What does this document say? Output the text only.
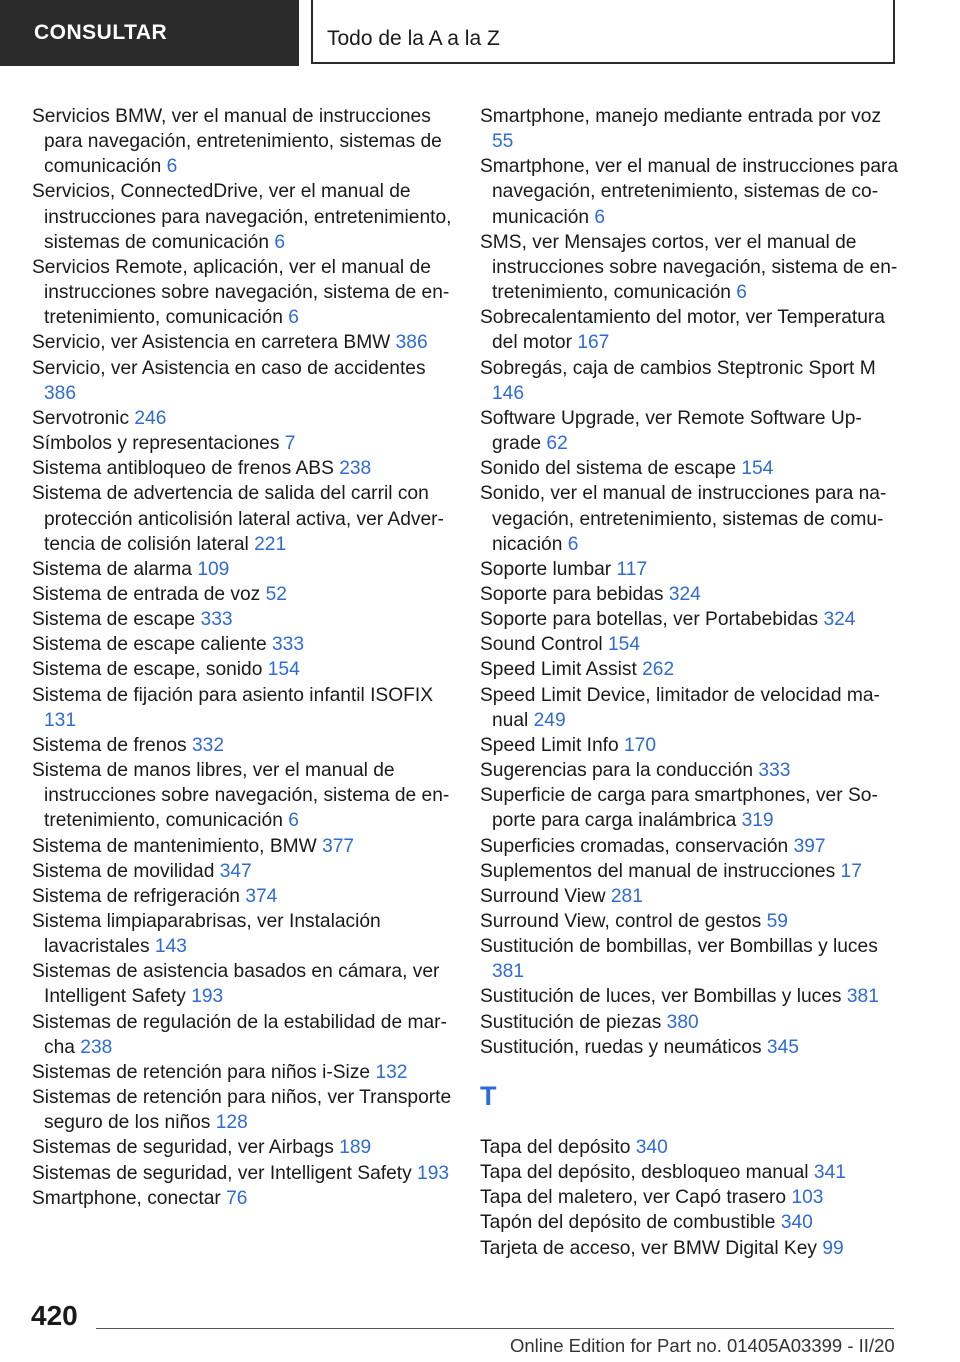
CONSULTAR	Todo de la A a la Z

Servicios BMW, ver el manual de instrucciones para navegación, entretenimiento, sistemas de comunicación 6

Servicios, ConnectedDrive, ver el manual de instrucciones para navegación, entretenimiento, sistemas de comunicación 6

Servicios Remote, aplicación, ver el manual de instrucciones sobre navegación, sistema de entretenimiento, comunicación 6

Servicio, ver Asistencia en carretera BMW 386

Servicio, ver Asistencia en caso de accidentes 386

Servotronic 246

Símbolos y representaciones 7

Sistema antibloqueo de frenos ABS 238

Sistema de advertencia de salida del carril con protección anticolisión lateral activa, ver Advertencia de colisión lateral 221

Sistema de alarma 109

Sistema de entrada de voz 52

Sistema de escape 333

Sistema de escape caliente 333

Sistema de escape, sonido 154

Sistema de fijación para asiento infantil ISOFIX 131

Sistema de frenos 332

Sistema de manos libres, ver el manual de instrucciones sobre navegación, sistema de entretenimiento, comunicación 6

Sistema de mantenimiento, BMW 377

Sistema de movilidad 347

Sistema de refrigeración 374

Sistema limpiaparabrisas, ver Instalación lavacristales 143

Sistemas de asistencia basados en cámara, ver Intelligent Safety 193

Sistemas de regulación de la estabilidad de marcha 238

Sistemas de retención para niños i-Size 132

Sistemas de retención para niños, ver Transporte seguro de los niños 128

Sistemas de seguridad, ver Airbags 189

Sistemas de seguridad, ver Intelligent Safety 193

Smartphone, conectar 76

Smartphone, manejo mediante entrada por voz 55

Smartphone, ver el manual de instrucciones para navegación, entretenimiento, sistemas de comunicación 6

SMS, ver Mensajes cortos, ver el manual de instrucciones sobre navegación, sistema de entretenimiento, comunicación 6

Sobrecalentamiento del motor, ver Temperatura del motor 167

Sobregás, caja de cambios Steptronic Sport M 146

Software Upgrade, ver Remote Software Upgrade 62

Sonido del sistema de escape 154

Sonido, ver el manual de instrucciones para navegación, entretenimiento, sistemas de comunicación 6

Soporte lumbar 117

Soporte para bebidas 324

Soporte para botellas, ver Portabebidas 324

Sound Control 154

Speed Limit Assist 262

Speed Limit Device, limitador de velocidad manual 249

Speed Limit Info 170

Sugerencias para la conducción 333

Superficie de carga para smartphones, ver Soporte para carga inalámbrica 319

Superficies cromadas, conservación 397

Suplementos del manual de instrucciones 17

Surround View 281

Surround View, control de gestos 59

Sustitución de bombillas, ver Bombillas y luces 381

Sustitución de luces, ver Bombillas y luces 381

Sustitución de piezas 380

Sustitución, ruedas y neumáticos 345

T

Tapa del depósito 340

Tapa del depósito, desbloqueo manual 341

Tapa del maletero, ver Capó trasero 103

Tapón del depósito de combustible 340

Tarjeta de acceso, ver BMW Digital Key 99

420
Online Edition for Part no. 01405A03399 - II/20
